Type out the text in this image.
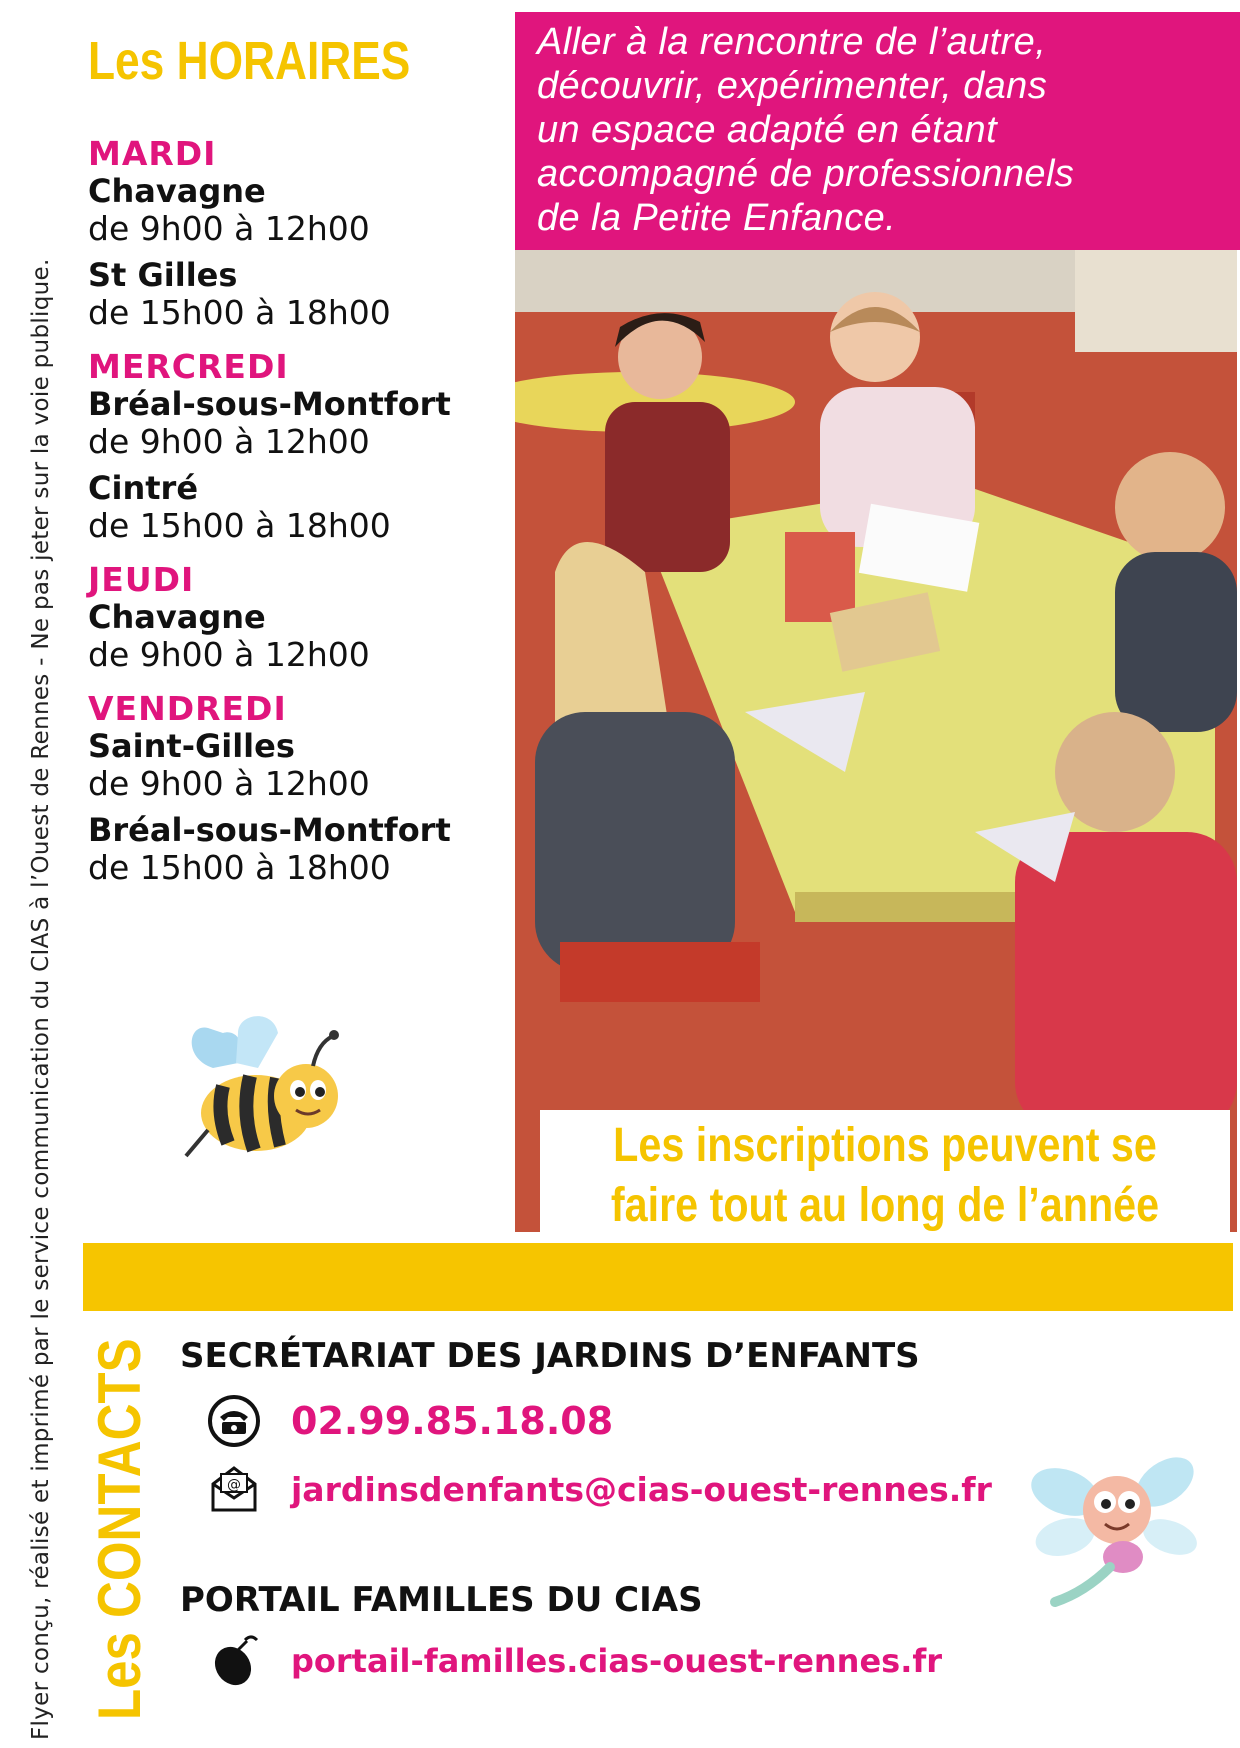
Flyer conçu, réalisé et imprimé par le service communication du CIAS à l’Ouest de Rennes - Ne pas jeter sur la voie publique.
Les HORAIRES
MARDI
Chavagne
de 9h00 à 12h00
St Gilles
de 15h00 à 18h00
MERCREDI
Bréal-sous-Montfort
de 9h00 à 12h00
Cintré
de 15h00 à 18h00
JEUDI
Chavagne
de 9h00 à 12h00
VENDREDI
Saint-Gilles
de 9h00 à 12h00
Bréal-sous-Montfort
de 15h00 à 18h00
Aller à la rencontre de l’autre,
découvrir, expérimenter, dans
un espace adapté en étant
accompagné de professionnels
de la Petite Enfance.
Les inscriptions peuvent se
faire tout au long de l’année
Les CONTACTS SECRÉTARIAT DES JARDINS D’ENFANTS
02.99.85.18.08
@ jardinsdenfants@cias-ouest-rennes.fr
PORTAIL FAMILLES DU CIAS
portail-familles.cias-ouest-rennes.fr
